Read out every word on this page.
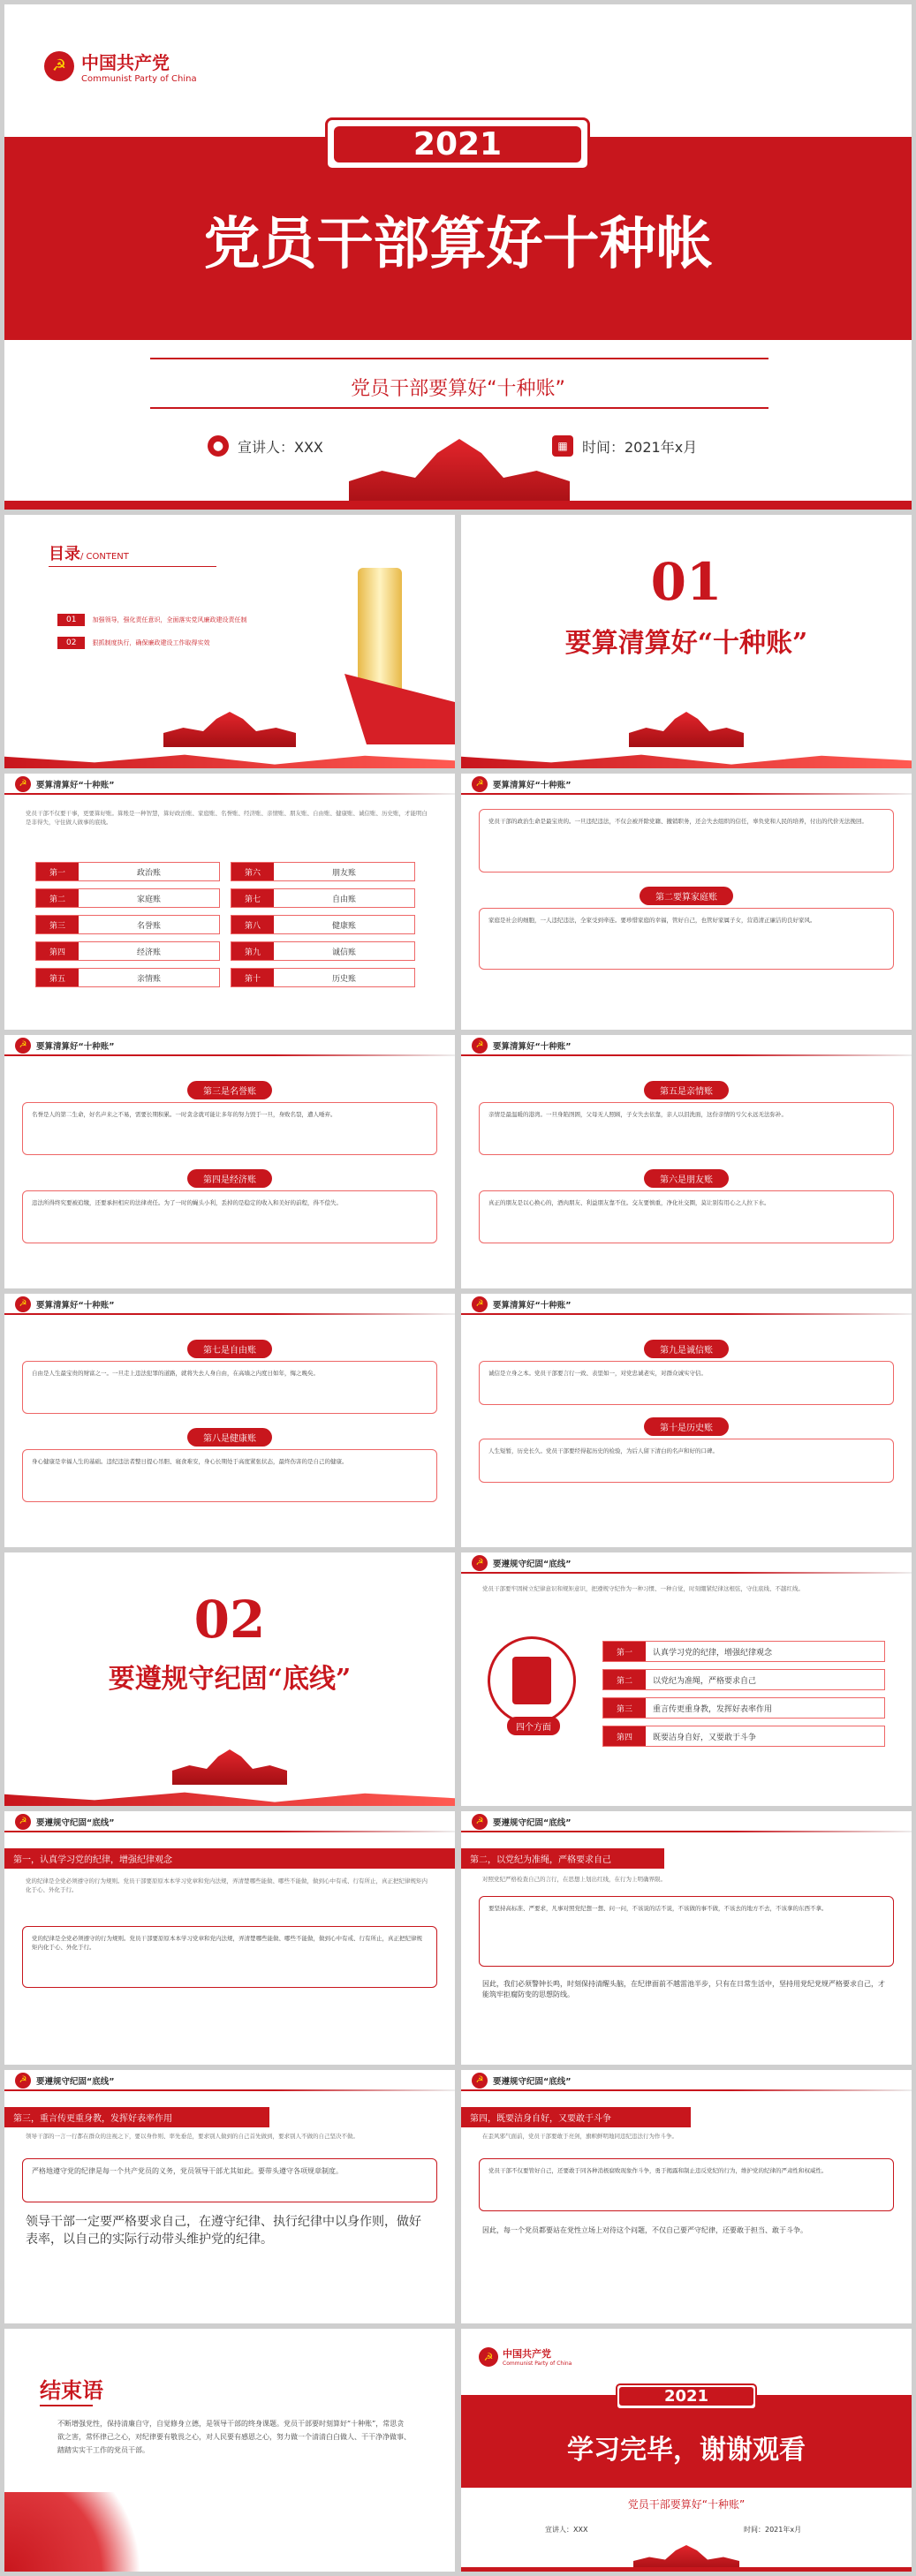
☭ 中国共产党
Communist Party of China
2021
党员干部算好十种帐
党员干部要算好“十种账”
● 宣讲人：XXX	▦	时间：2021年x月
目录/ CONTENT
01	加强领导，强化责任意识，全面落实党风廉政建设责任制
02	狠抓制度执行，确保廉政建设工作取得实效
01
要算清算好“十种账”
☭	要算清算好“十种账”
党员干部不仅要干事，更要算好账。算账是一种智慧，算好政治账、家庭账、名誉账、经济账、亲情账、朋友账、自由账、健康账、诚信账、历史账，才能明白是非得失，守住做人做事的底线。
第一	政治账	第六	朋友账
第二	家庭账	第七	自由账
第三	名誉账	第八	健康账
第四	经济账	第九	诚信账
第五	亲情账	第十	历史账
☭	要算清算好“十种账”
党员干部的政治生命是最宝贵的。一旦违纪违法，不仅会被开除党籍、撤销职务，还会失去组织的信任，辜负党和人民的培养，付出的代价无法挽回。
第二要算家庭账
家庭是社会的细胞，一人违纪违法，全家受到牵连。要珍惜家庭的幸福，管好自己，也管好家属子女，营造清正廉洁的良好家风。
☭	要算清算好“十种账”
第三是名誉账
名誉是人的第二生命，好名声来之不易，需要长期积累。一时贪念就可能让多年的努力毁于一旦，身败名裂，遭人唾弃。
第四是经济账
违法所得终究要被追缴，还要承担相应的法律责任。为了一时的蝇头小利，丢掉的是稳定的收入和美好的前程，得不偿失。
☭	要算清算好“十种账”
第五是亲情账
亲情是最温暖的港湾。一旦身陷囹圄，父母无人照顾，子女失去依靠，亲人以泪洗面，这份亲情的亏欠永远无法弥补。
第六是朋友账
真正的朋友是以心换心的，酒肉朋友、利益朋友靠不住。交友要慎重，净化社交圈，莫让别有用心之人拉下水。
☭	要算清算好“十种账”
第七是自由账
自由是人生最宝贵的财富之一。一旦走上违法犯罪的道路，就将失去人身自由，在高墙之内度日如年，悔之晚矣。
第八是健康账
身心健康是幸福人生的基础。违纪违法者整日提心吊胆、寝食难安，身心长期处于高度紧张状态，最终伤害的是自己的健康。
☭	要算清算好“十种账”
第九是诚信账
诚信是立身之本。党员干部要言行一致、表里如一，对党忠诚老实，对群众诚实守信。
第十是历史账
人生短暂，历史长久。党员干部要经得起历史的检验，为后人留下清白的名声和好的口碑。
02
要遵规守纪固“底线”
☭	要遵规守纪固“底线”
党员干部要牢固树立纪律意识和规矩意识，把遵规守纪作为一种习惯、一种自觉，时刻绷紧纪律这根弦，守住底线、不越红线。
四个方面
第一	认真学习党的纪律，增强纪律观念
第二	以党纪为准绳，严格要求自己
第三	重言传更重身教，发挥好表率作用
第四	既要洁身自好，又要敢于斗争
☭	要遵规守纪固“底线”
第一，认真学习党的纪律，增强纪律观念
党的纪律是全党必须遵守的行为规则。党员干部要原原本本学习党章和党内法规，弄清楚哪些能做、哪些不能做，做到心中有戒、行有所止，真正把纪律规矩内化于心、外化于行。
党的纪律是全党必须遵守的行为规则。党员干部要原原本本学习党章和党内法规，弄清楚哪些能做、哪些不能做，做到心中有戒、行有所止，真正把纪律规矩内化于心、外化于行。
☭	要遵规守纪固“底线”
第二，以党纪为准绳，严格要求自己
对照党纪严格检查自己的言行，在思想上划出红线，在行为上明确界限。
要坚持高标准、严要求，凡事对照党纪想一想、问一问，不该说的话不说，不该做的事不做，不该去的地方不去，不该拿的东西不拿。
因此，我们必须警钟长鸣，时刻保持清醒头脑，在纪律面前不越雷池半步，只有在日常生活中，坚持用党纪党规严格要求自己，才能筑牢拒腐防变的思想防线。
☭	要遵规守纪固“底线”
第三，重言传更重身教，发挥好表率作用
领导干部的一言一行都在群众的注视之下，要以身作则、率先垂范，要求别人做到的自己首先做到，要求别人不做的自己坚决不做。
严格地遵守党的纪律是每一个共产党员的义务，党员领导干部尤其如此。要带头遵守各项规章制度。
领导干部一定要严格要求自己，在遵守纪律、执行纪律中以身作则，做好表率，以自己的实际行动带头维护党的纪律。
☭	要遵规守纪固“底线”
第四，既要洁身自好，又要敢于斗争
在歪风邪气面前，党员干部要敢于亮剑，旗帜鲜明地同违纪违法行为作斗争。
党员干部不仅要管好自己，还要敢于同各种消极腐败现象作斗争，勇于揭露和制止违反党纪的行为，维护党的纪律的严肃性和权威性。
因此，每一个党员都要站在党性立场上对待这个问题，不仅自己要严守纪律，还要敢于担当、敢于斗争。
结束语
不断增强党性，保持清廉自守，自觉修身立德，是领导干部的终身课题。党员干部要时刻算好“十种账”，常思贪欲之害，常怀律己之心，对纪律要有敬畏之心，对人民要有感恩之心，努力做一个清清白白做人、干干净净做事、踏踏实实干工作的党员干部。
☭ 中国共产党
Communist Party of China
2021
学习完毕，谢谢观看
党员干部要算好“十种账”
宣讲人：XXX	时间：2021年x月
